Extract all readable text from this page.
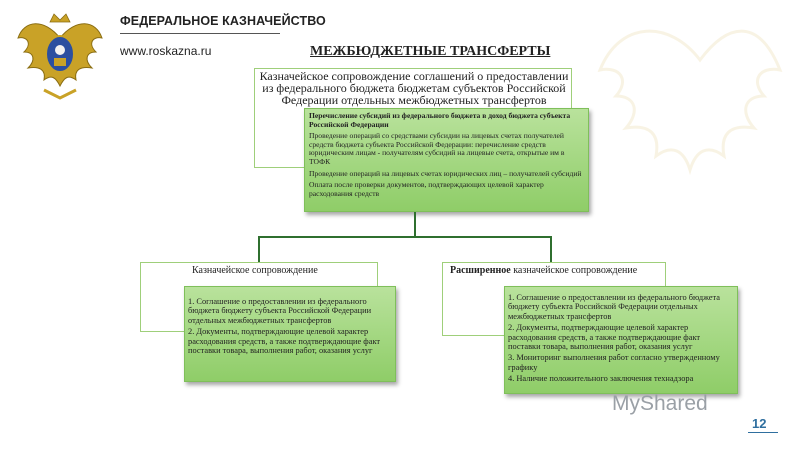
ФЕДЕРАЛЬНОЕ КАЗНАЧЕЙСТВО
www.roskazna.ru	МЕЖБЮДЖЕТНЫЕ ТРАНСФЕРТЫ
Казначейское сопровождение соглашений о предоставлении из федерального бюджета бюджетам субъектов Российской Федерации отдельных межбюджетных трансфертов

Перечисление субсидий из федерального бюджета в доход бюджета субъекта Российской Федерации

Проведение операций со средствами субсидии на лицевых счетах получателей средств бюджета субъекта Российской Федерации: перечисление средств юридическим лицам - получателям субсидий на лицевые счета, открытые им в ТОФК

Проведение операций на лицевых счетах юридических лиц – получателей субсидий

Оплата после проверки документов, подтверждающих целевой характер расходования средств

Казначейское сопровождение

1. Соглашение о предоставлении из федерального бюджета бюджету субъекта Российской Федерации отдельных межбюджетных трансфертов

2. Документы, подтверждающие целевой характер расходования средств, а также подтверждающие факт поставки товара, выполнения работ, оказания услуг

Расширенное казначейское сопровождение

1. Соглашение о предоставлении из федерального бюджета бюджету субъекта Российской Федерации отдельных межбюджетных трансфертов

2. Документы, подтверждающие целевой характер расходования средств, а также подтверждающие факт поставки товара, выполнения работ, оказания услуг

3. Мониторинг выполнения работ согласно утвержденному графику

4. Наличие положительного заключения технадзора

MyShared
12
